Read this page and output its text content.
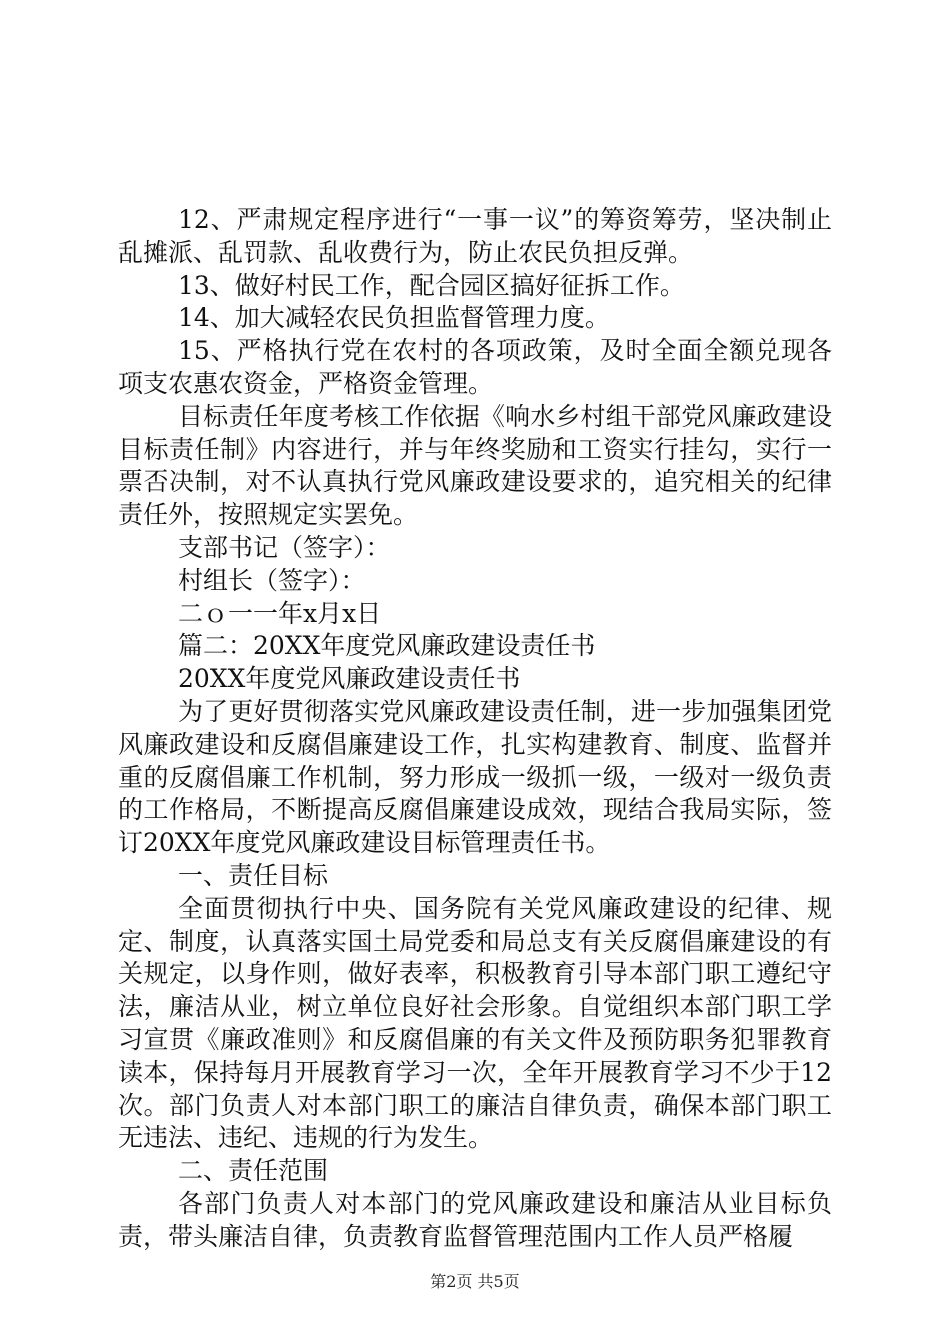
12、严肃规定程序进行“一事一议”的筹资筹劳，坚决制止乱摊派、乱罚款、乱收费行为，防止农民负担反弹。

13、做好村民工作，配合园区搞好征拆工作。

14、加大减轻农民负担监督管理力度。

15、严格执行党在农村的各项政策，及时全面全额兑现各项支农惠农资金，严格资金管理。

目标责任年度考核工作依据《响水乡村组干部党风廉政建设目标责任制》内容进行，并与年终奖励和工资实行挂勾，实行一票否决制，对不认真执行党风廉政建设要求的，追究相关的纪律责任外，按照规定实罢免。

支部书记（签字）：

村组长（签字）：

二ｏ一一年x月x日

篇二：20XX年度党风廉政建设责任书

20XX年度党风廉政建设责任书

为了更好贯彻落实党风廉政建设责任制，进一步加强集团党风廉政建设和反腐倡廉建设工作，扎实构建教育、制度、监督并重的反腐倡廉工作机制，努力形成一级抓一级，一级对一级负责的工作格局，不断提高反腐倡廉建设成效，现结合我局实际，签订20XX年度党风廉政建设目标管理责任书。

一、责任目标

全面贯彻执行中央、国务院有关党风廉政建设的纪律、规定、制度，认真落实国土局党委和局总支有关反腐倡廉建设的有关规定，以身作则，做好表率，积极教育引导本部门职工遵纪守法，廉洁从业，树立单位良好社会形象。自觉组织本部门职工学习宣贯《廉政准则》和反腐倡廉的有关文件及预防职务犯罪教育读本，保持每月开展教育学习一次，全年开展教育学习不少于12次。部门负责人对本部门职工的廉洁自律负责，确保本部门职工无违法、违纪、违规的行为发生。

二、责任范围

各部门负责人对本部门的党风廉政建设和廉洁从业目标负责，带头廉洁自律，负责教育监督管理范围内工作人员严格履

第2页 共5页
